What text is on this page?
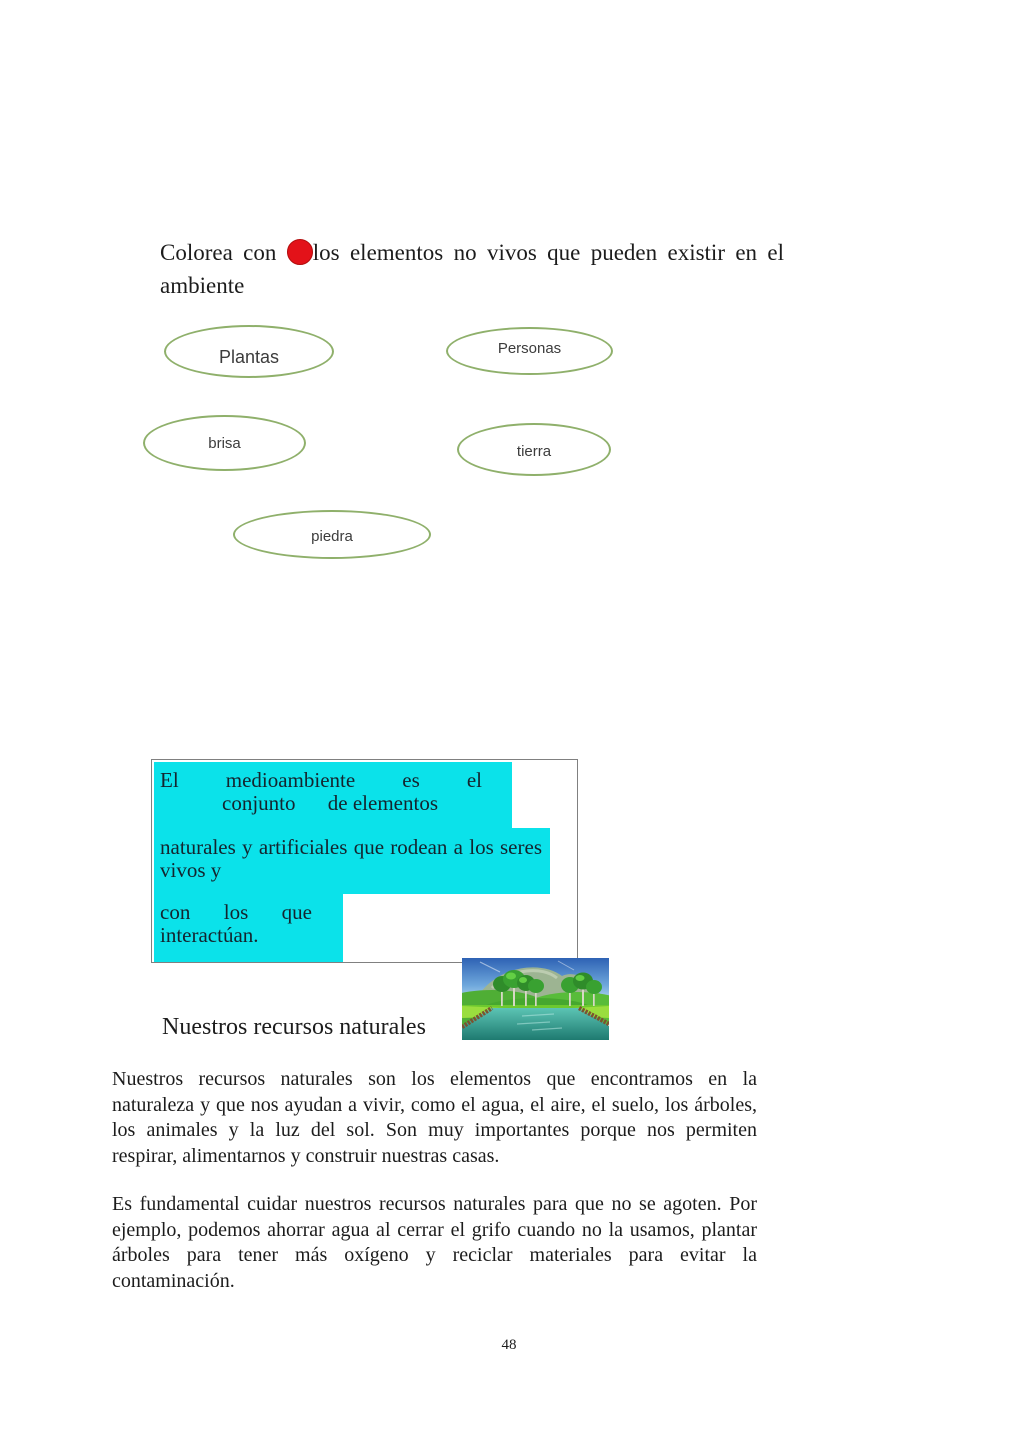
Colorea con los elementos no vivos que pueden existir en el
ambiente
Plantas	Personas
brisa	tierra
piedra
El medioambiente es el
conjunto de elementos
naturales y artificiales que rodean a los seres
vivos y
con los que
interactúan.
Nuestros recursos naturales
Nuestros recursos naturales son los elementos que encontramos en la
naturaleza y que nos ayudan a vivir, como el agua, el aire, el suelo, los árboles,
los animales y la luz del sol. Son muy importantes porque nos permiten
respirar, alimentarnos y construir nuestras casas.
Es fundamental cuidar nuestros recursos naturales para que no se agoten. Por
ejemplo, podemos ahorrar agua al cerrar el grifo cuando no la usamos, plantar
árboles para tener más oxígeno y reciclar materiales para evitar la
contaminación.
48
